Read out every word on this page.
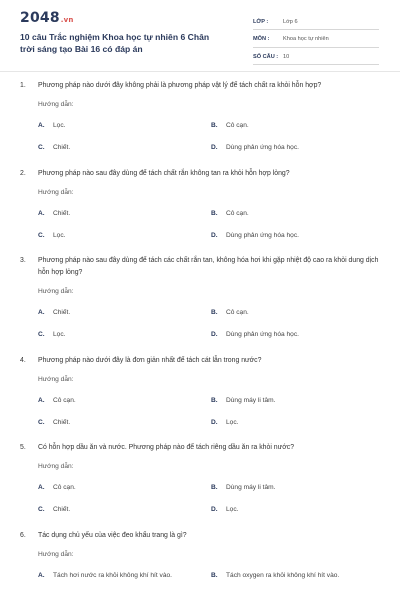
2048.vn
10 câu Trắc nghiệm Khoa học tự nhiên 6 Chân trời sáng tạo Bài 16 có đáp án
LỚP :	Lớp 6
MÔN :	Khoa học tự nhiên
SỐ CÂU : 10
1.	Phương pháp nào dưới đây không phải là phương pháp vật lý để tách chất ra khỏi hỗn hợp?
Hướng dẫn:
A.	Lọc.	B.	Cô cạn.
C.	Chiết.	D.	Dùng phản ứng hóa học.
2.	Phương pháp nào sau đây dùng để tách chất rắn không tan ra khỏi hỗn hợp lỏng?
Hướng dẫn:
A.	Chiết.	B.	Cô cạn.
C.	Lọc.	D.	Dùng phản ứng hóa học.
3.	Phương pháp nào sau đây dùng để tách các chất rắn tan, không hóa hơi khi gặp nhiệt độ cao ra khỏi dung dịch hỗn hợp lỏng?
Hướng dẫn:
A.	Chiết.	B.	Cô cạn.
C.	Lọc.	D.	Dùng phản ứng hóa học.
4.	Phương pháp nào dưới đây là đơn giản nhất để tách cát lẫn trong nước?
Hướng dẫn:
A.	Cô cạn.	B.	Dùng máy li tâm.
C.	Chiết.	D.	Lọc.
5.	Có hỗn hợp dầu ăn và nước. Phương pháp nào để tách riêng dầu ăn ra khỏi nước?
Hướng dẫn:
A.	Cô cạn.	B.	Dùng máy li tâm.
C.	Chiết.	D.	Lọc.
6.	Tác dụng chủ yếu của việc đeo khẩu trang là gì?
Hướng dẫn:
A.	Tách hơi nước ra khỏi không khí hít vào.	B.	Tách oxygen ra khỏi không khí hít vào.
